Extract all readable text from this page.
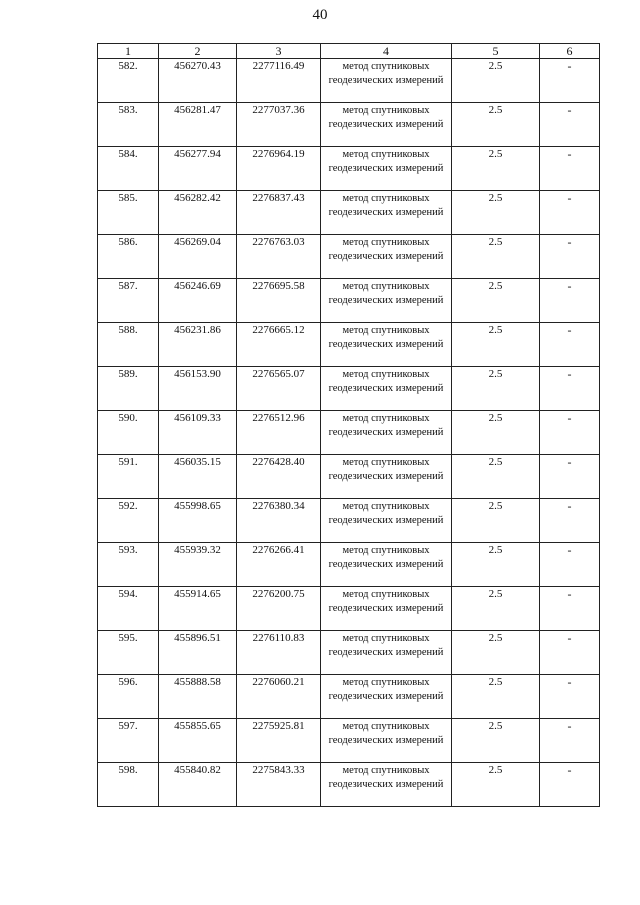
40
1	2	3	4	5	6
582.	456270.43	2277116.49	метод спутниковых геодезических измерений	2.5	-
583.	456281.47	2277037.36	метод спутниковых геодезических измерений	2.5	-
584.	456277.94	2276964.19	метод спутниковых геодезических измерений	2.5	-
585.	456282.42	2276837.43	метод спутниковых геодезических измерений	2.5	-
586.	456269.04	2276763.03	метод спутниковых геодезических измерений	2.5	-
587.	456246.69	2276695.58	метод спутниковых геодезических измерений	2.5	-
588.	456231.86	2276665.12	метод спутниковых геодезических измерений	2.5	-
589.	456153.90	2276565.07	метод спутниковых геодезических измерений	2.5	-
590.	456109.33	2276512.96	метод спутниковых геодезических измерений	2.5	-
591.	456035.15	2276428.40	метод спутниковых геодезических измерений	2.5	-
592.	455998.65	2276380.34	метод спутниковых геодезических измерений	2.5	-
593.	455939.32	2276266.41	метод спутниковых геодезических измерений	2.5	-
594.	455914.65	2276200.75	метод спутниковых геодезических измерений	2.5	-
595.	455896.51	2276110.83	метод спутниковых геодезических измерений	2.5	-
596.	455888.58	2276060.21	метод спутниковых геодезических измерений	2.5	-
597.	455855.65	2275925.81	метод спутниковых геодезических измерений	2.5	-
598.	455840.82	2275843.33	метод спутниковых геодезических измерений	2.5	-
